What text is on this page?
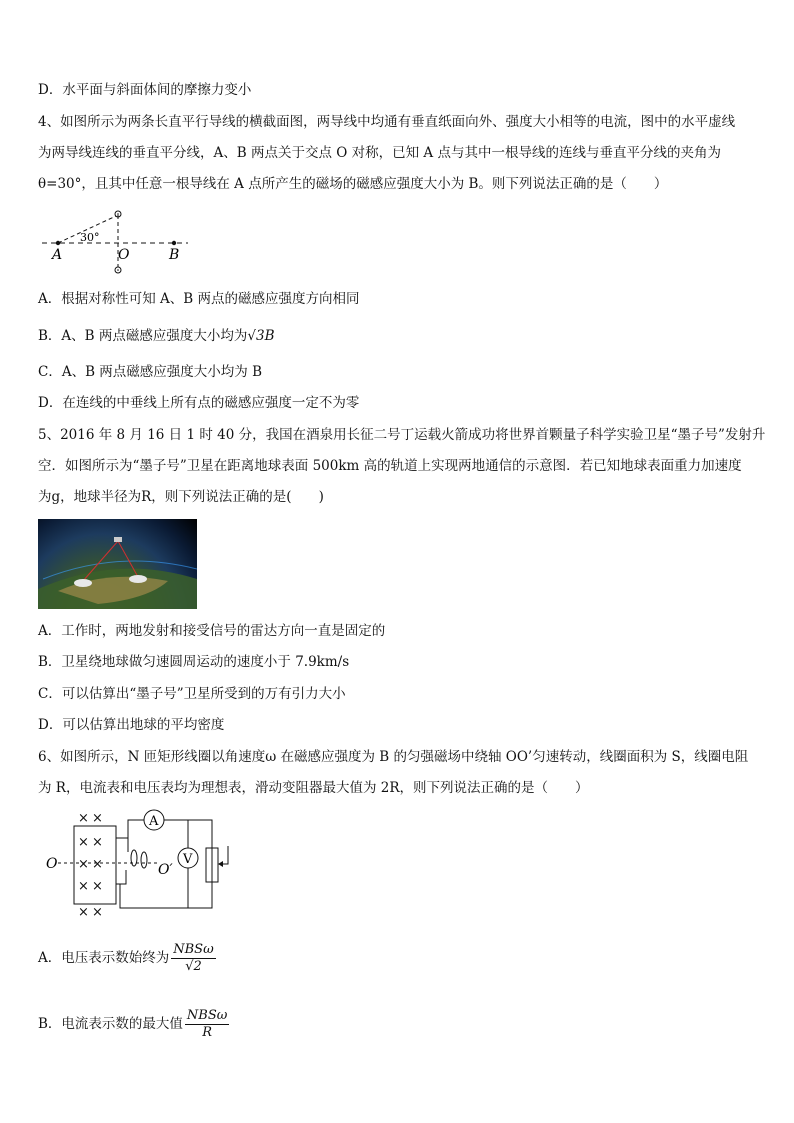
D．水平面与斜面体间的摩擦力变小
4、如图所示为两条长直平行导线的横截面图，两导线中均通有垂直纸面向外、强度大小相等的电流，图中的水平虚线
为两导线连线的垂直平分线，A、B 两点关于交点 O 对称，已知 A 点与其中一根导线的连线与垂直平分线的夹角为
θ=30°，且其中任意一根导线在 A 点所产生的磁场的磁感应强度大小为 B。则下列说法正确的是（　　）
30°
A	O	B
A．根据对称性可知 A、B 两点的磁感应强度方向相同
B．A、B 两点磁感应强度大小均为√3B
C．A、B 两点磁感应强度大小均为 B
D．在连线的中垂线上所有点的磁感应强度一定不为零
5、2016 年 8 月 16 日 1 时 40 分，我国在酒泉用长征二号丁运载火箭成功将世界首颗量子科学实验卫星“墨子号”发射升
空．如图所示为“墨子号”卫星在距离地球表面 500km 高的轨道上实现两地通信的示意图．若已知地球表面重力加速度
为g，地球半径为R，则下列说法正确的是(　　)
A．工作时，两地发射和接受信号的雷达方向一直是固定的
B．卫星绕地球做匀速圆周运动的速度小于 7.9km/s
C．可以估算出“墨子号”卫星所受到的万有引力大小
D．可以估算出地球的平均密度
6、如图所示，N 匝矩形线圈以角速度ω 在磁感应强度为 B 的匀强磁场中绕轴 OO’匀速转动，线圈面积为 S，线圈电阻
为 R，电流表和电压表均为理想表，滑动变阻器最大值为 2R，则下列说法正确的是（　　）
× ×
× ×
× ×
× ×
× ×
O	O′
A
V
A．电压表示数始终为 $\frac{\text{NBSω}}{√2}$
B．电流表示数的最大值 $\frac{\text{NBSω}}{R}$
